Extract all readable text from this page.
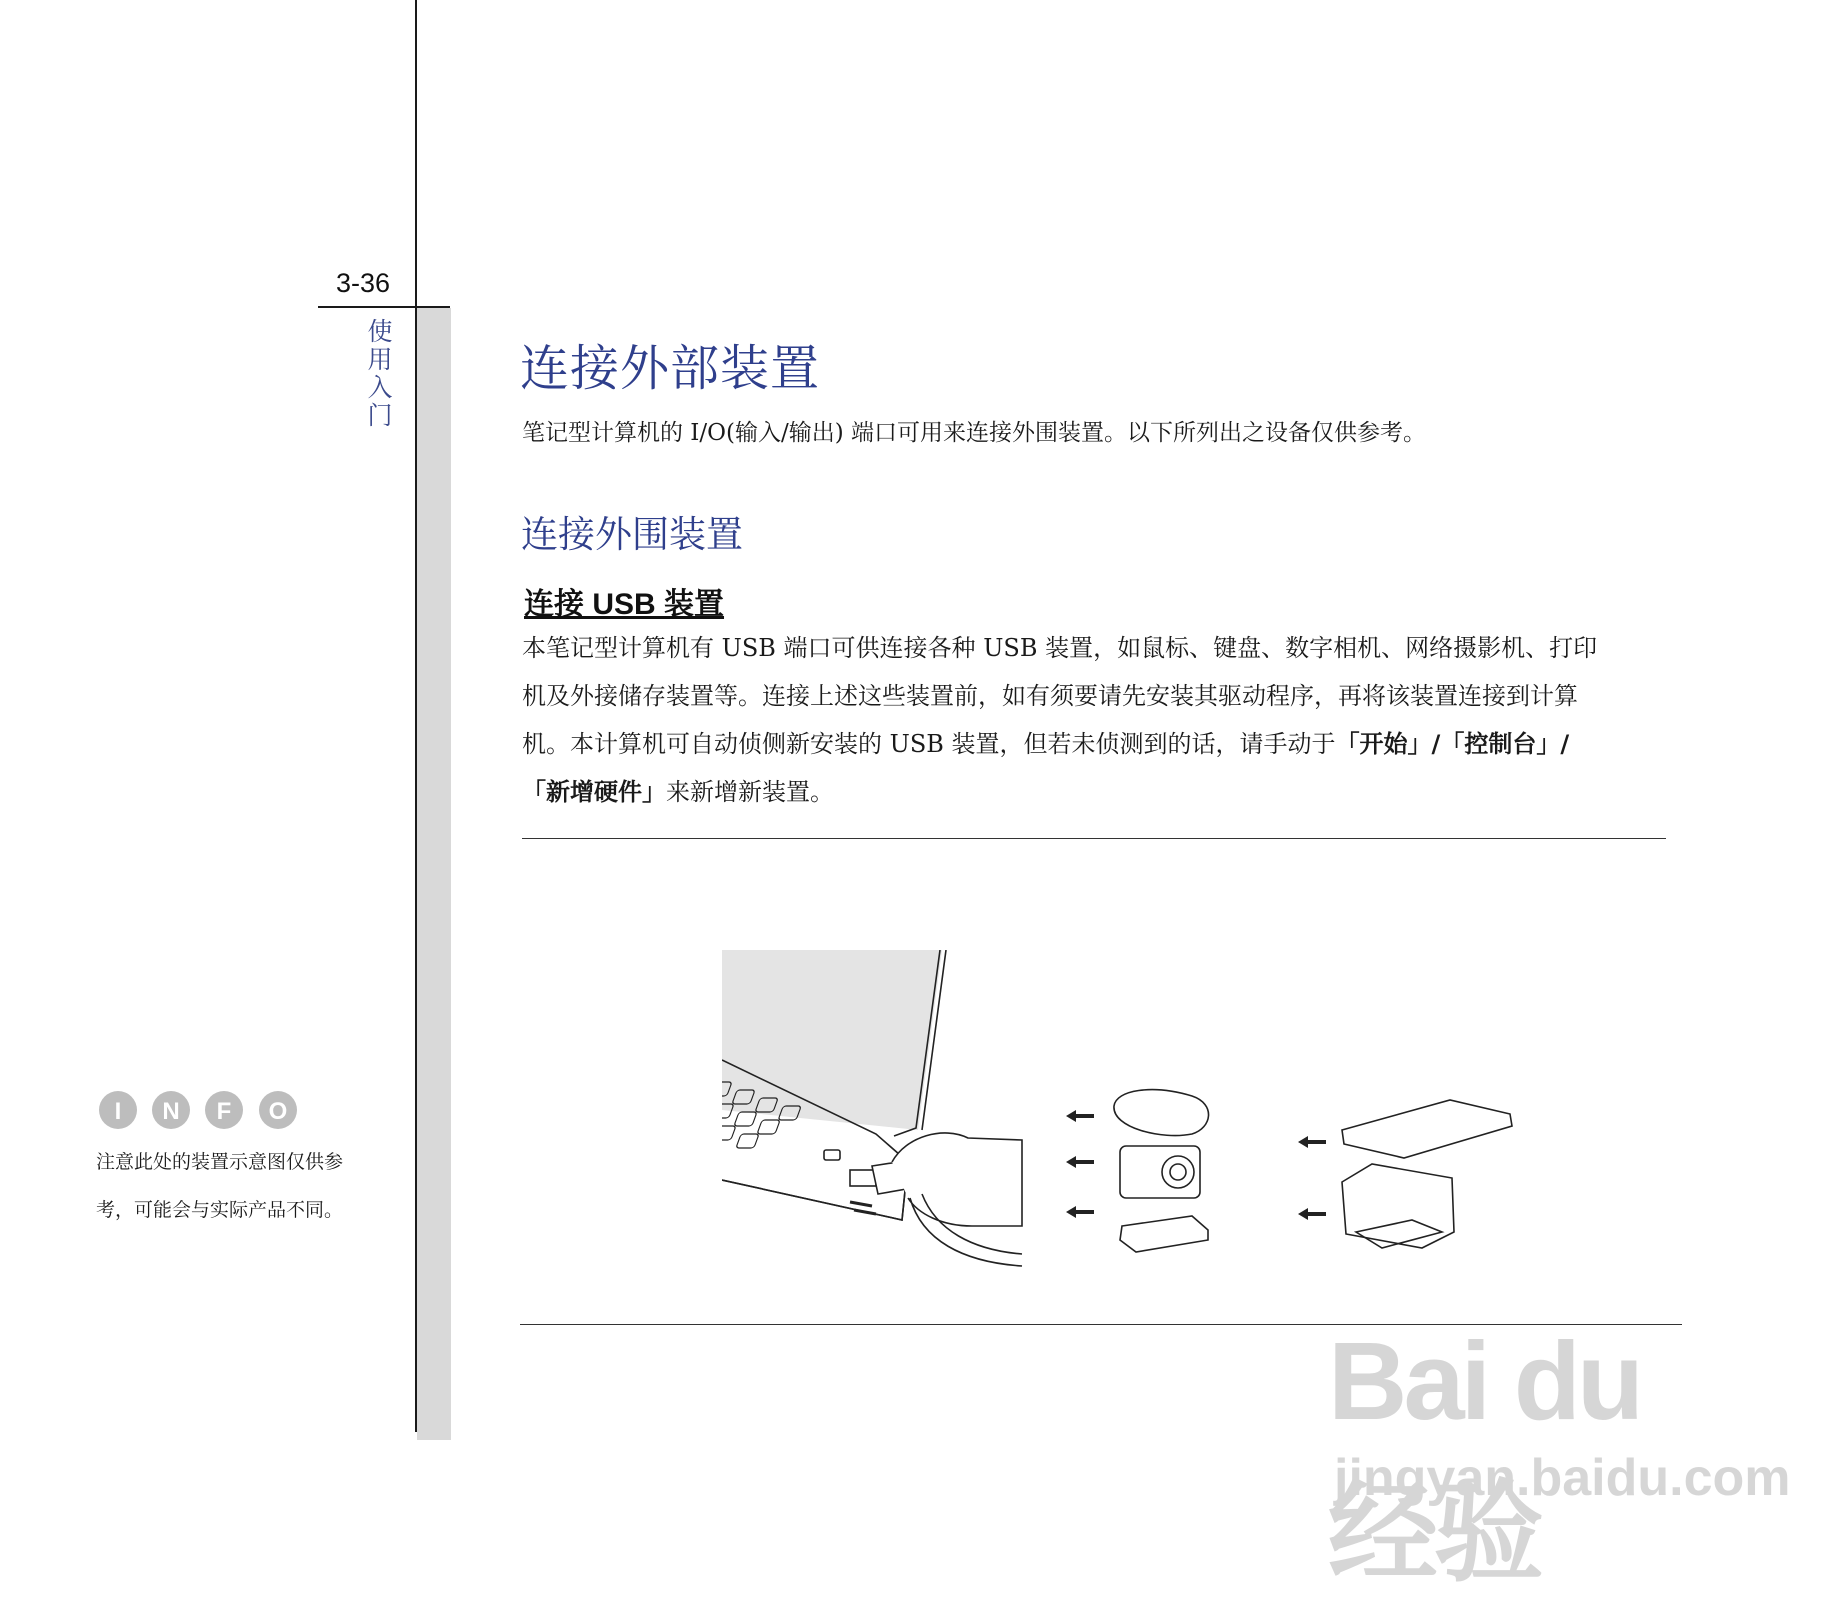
3-36
使用入门
I N F O
注意此处的装置示意图仅供参
考，可能会与实际产品不同。
连接外部装置

笔记型计算机的 I/O(输入/输出) 端口可用来连接外围装置。以下所列出之设备仅供参考。

连接外围装置
连接 USB 装置
本笔记型计算机有 USB 端口可供连接各种 USB 装置，如鼠标、键盘、数字相机、网络摄影机、打印
机及外接储存装置等。连接上述这些装置前，如有须要请先安装其驱动程序，再将该装置连接到计算
机。本计算机可自动侦侧新安装的 USB 装置，但若未侦测到的话，请手动于「开始」/「控制台」/
「新增硬件」来新增新装置。
Bai du 经验
jingyan.baidu.com
